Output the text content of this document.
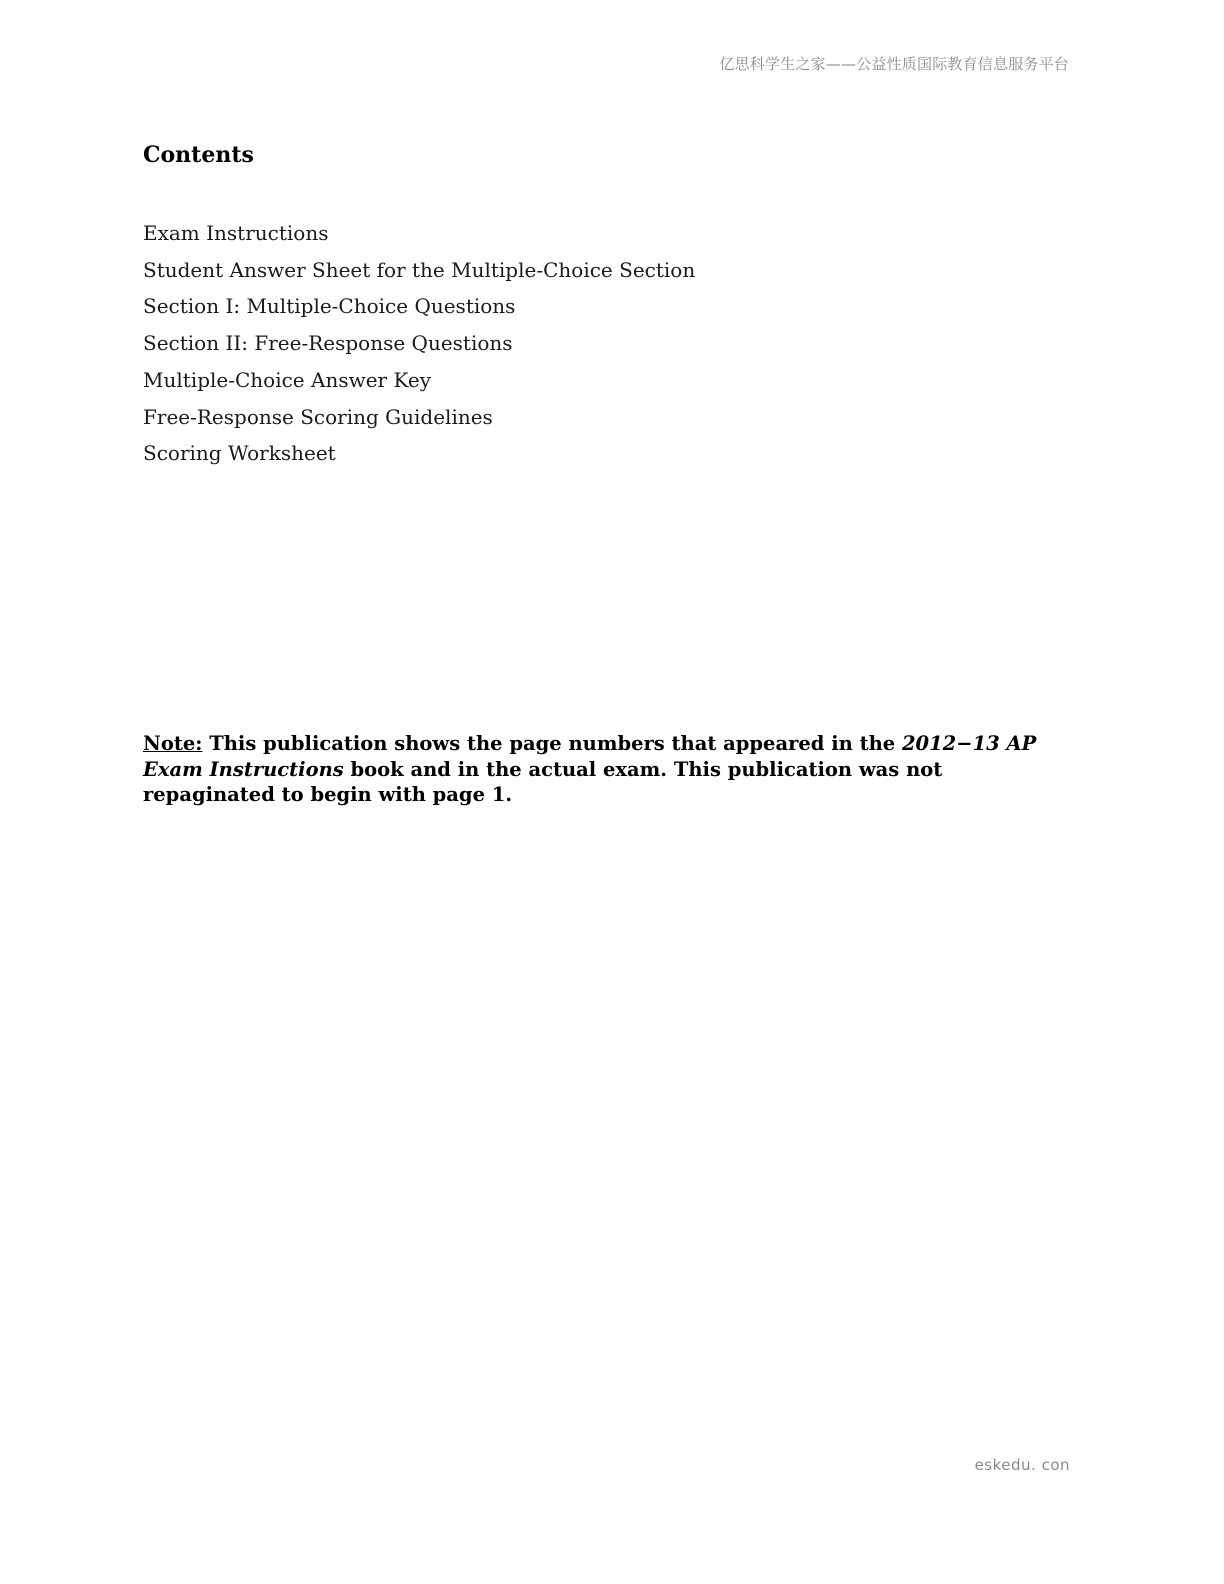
亿思科学生之家——公益性质国际教育信息服务平台
Contents
Exam Instructions
Student Answer Sheet for the Multiple-Choice Section
Section I: Multiple-Choice Questions
Section II: Free-Response Questions
Multiple-Choice Answer Key
Free-Response Scoring Guidelines
Scoring Worksheet

Note: This publication shows the page numbers that appeared in the 2012−13 AP Exam Instructions book and in the actual exam. This publication was not repaginated to begin with page 1.

eskedu. con
